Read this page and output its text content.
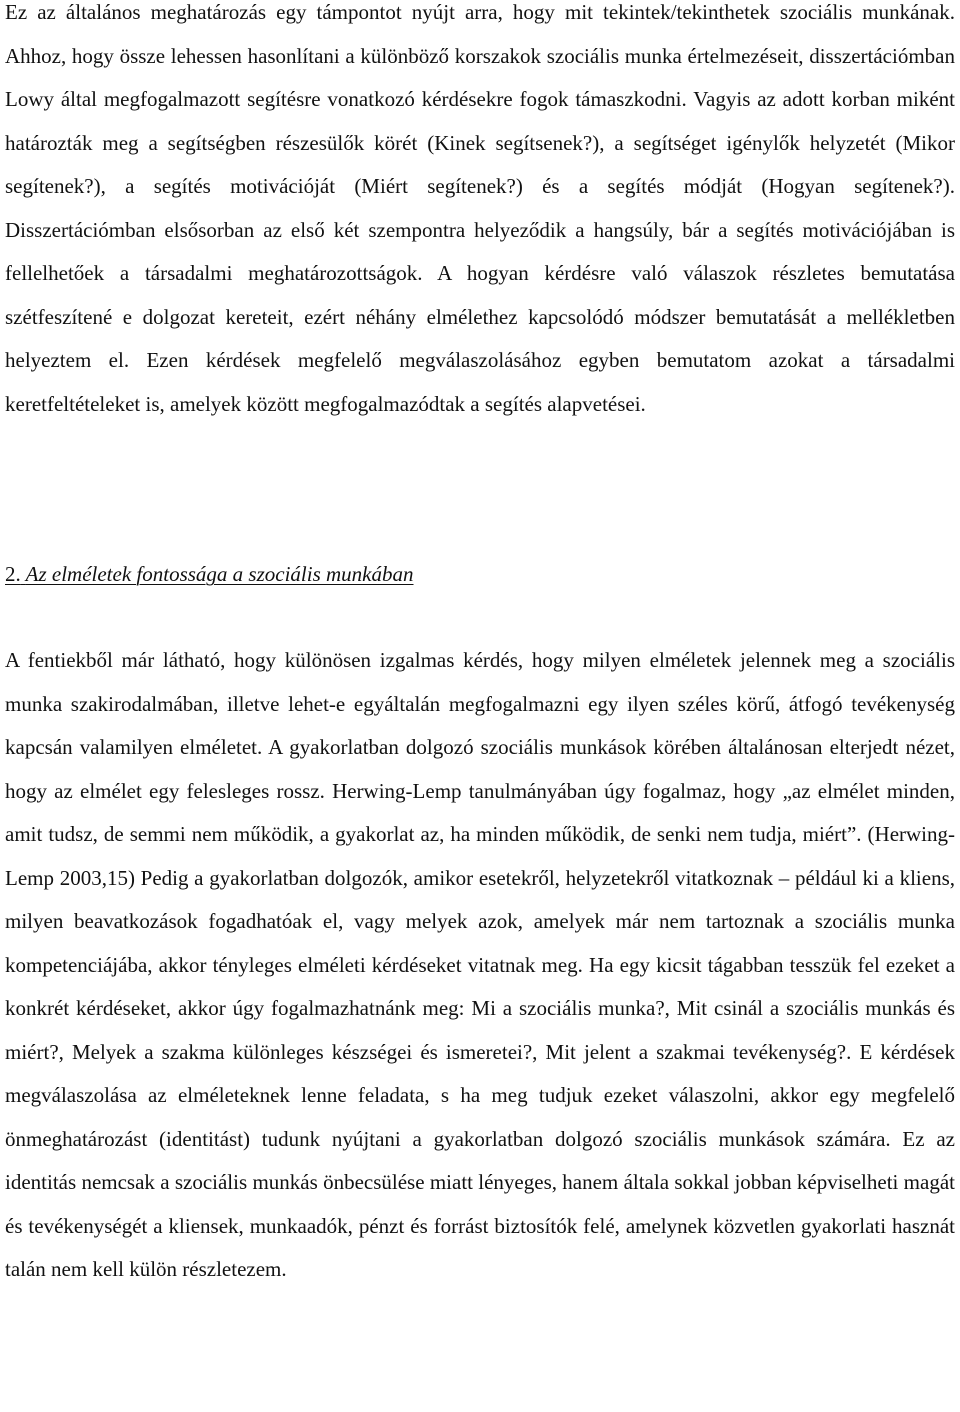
Ez az általános meghatározás egy támpontot nyújt arra, hogy mit tekintek/tekinthetek szociális munkának. Ahhoz, hogy össze lehessen hasonlítani a különböző korszakok szociális munka értelmezéseit, disszertációmban Lowy által megfogalmazott segítésre vonatkozó kérdésekre fogok támaszkodni. Vagyis az adott korban miként határozták meg a segítségben részesülők körét (Kinek segítsenek?), a segítséget igénylők helyzetét (Mikor segítenek?), a segítés motivációját (Miért segítenek?) és a segítés módját (Hogyan segítenek?). Disszertációmban elsősorban az első két szempontra helyeződik a hangsúly, bár a segítés motivációjában is fellelhetőek a társadalmi meghatározottságok. A hogyan kérdésre való válaszok részletes bemutatása szétfeszítené e dolgozat kereteit, ezért néhány elmélethez kapcsolódó módszer bemutatását a mellékletben helyeztem el. Ezen kérdések megfelelő megválaszolásához egyben bemutatom azokat a társadalmi keretfeltételeket is, amelyek között megfogalmazódtak a segítés alapvetései.

2. Az elméletek fontossága a szociális munkában

A fentiekből már látható, hogy különösen izgalmas kérdés, hogy milyen elméletek jelennek meg a szociális munka szakirodalmában, illetve lehet-e egyáltalán megfogalmazni egy ilyen széles körű, átfogó tevékenység kapcsán valamilyen elméletet. A gyakorlatban dolgozó szociális munkások körében általánosan elterjedt nézet, hogy az elmélet egy felesleges rossz. Herwing-Lemp tanulmányában úgy fogalmaz, hogy „az elmélet minden, amit tudsz, de semmi nem működik, a gyakorlat az, ha minden működik, de senki nem tudja, miért”. (Herwing-Lemp 2003,15) Pedig a gyakorlatban dolgozók, amikor esetekről, helyzetekről vitatkoznak – például ki a kliens, milyen beavatkozások fogadhatóak el, vagy melyek azok, amelyek már nem tartoznak a szociális munka kompetenciájába, akkor tényleges elméleti kérdéseket vitatnak meg. Ha egy kicsit tágabban tesszük fel ezeket a konkrét kérdéseket, akkor úgy fogalmazhatnánk meg: Mi a szociális munka?, Mit csinál a szociális munkás és miért?, Melyek a szakma különleges készségei és ismeretei?, Mit jelent a szakmai tevékenység?. E kérdések megválaszolása az elméleteknek lenne feladata, s ha meg tudjuk ezeket válaszolni, akkor egy megfelelő önmeghatározást (identitást) tudunk nyújtani a gyakorlatban dolgozó szociális munkások számára. Ez az identitás nemcsak a szociális munkás önbecsülése miatt lényeges, hanem általa sokkal jobban képviselheti magát és tevékenységét a kliensek, munkaadók, pénzt és forrást biztosítók felé, amelynek közvetlen gyakorlati hasznát talán nem kell külön részletezem.
